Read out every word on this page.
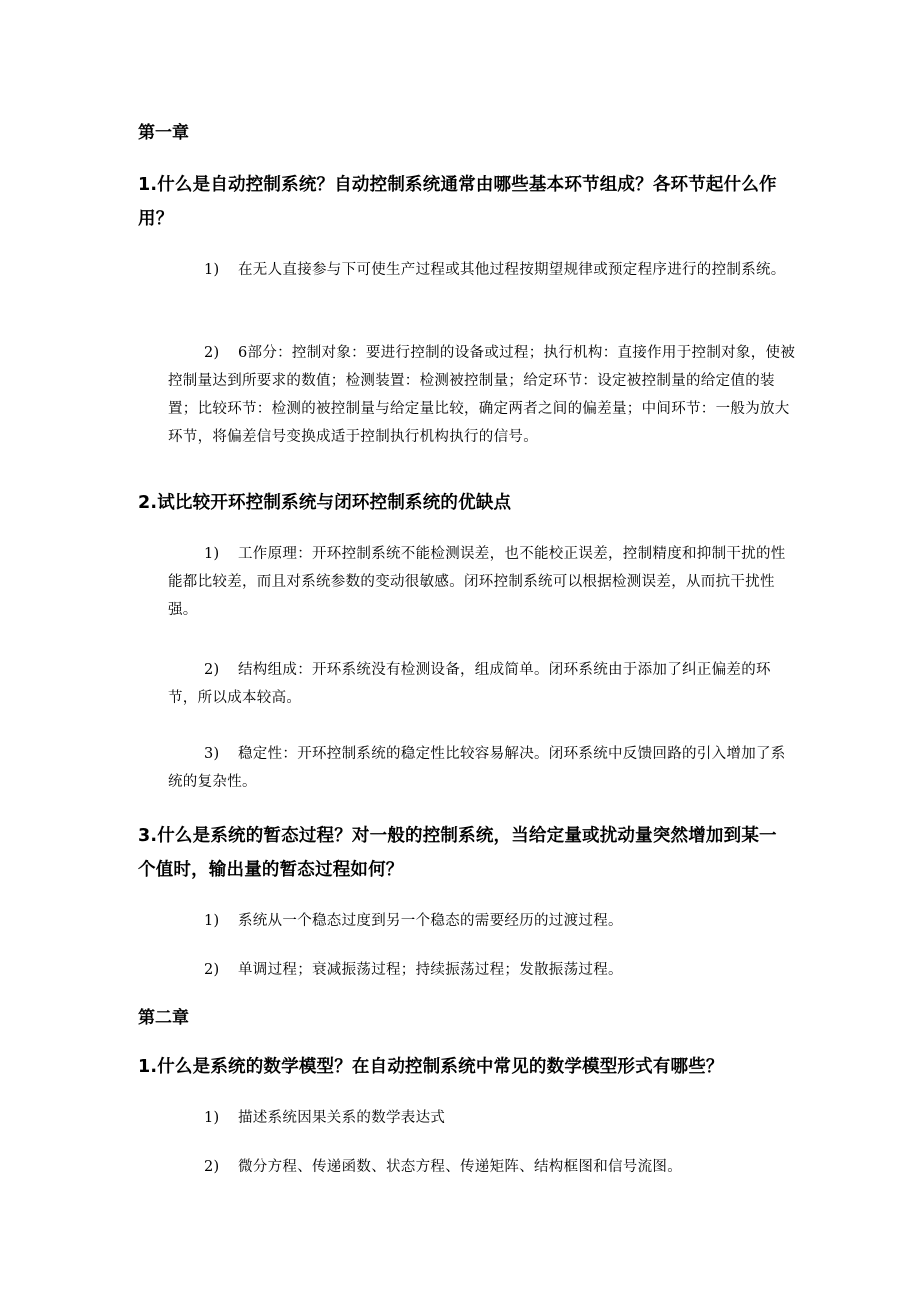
第一章
1.什么是自动控制系统？自动控制系统通常由哪些基本环节组成？各环节起什么作用？
1) 在无人直接参与下可使生产过程或其他过程按期望规律或预定程序进行的控制系统。
2) 6部分：控制对象：要进行控制的设备或过程；执行机构：直接作用于控制对象，使被控制量达到所要求的数值；检测装置：检测被控制量；给定环节：设定被控制量的给定值的装置；比较环节：检测的被控制量与给定量比较，确定两者之间的偏差量；中间环节：一般为放大环节，将偏差信号变换成适于控制执行机构执行的信号。
2.试比较开环控制系统与闭环控制系统的优缺点
1) 工作原理：开环控制系统不能检测误差，也不能校正误差，控制精度和抑制干扰的性能都比较差，而且对系统参数的变动很敏感。闭环控制系统可以根据检测误差，从而抗干扰性强。
2) 结构组成：开环系统没有检测设备，组成简单。闭环系统由于添加了纠正偏差的环节，所以成本较高。
3) 稳定性：开环控制系统的稳定性比较容易解决。闭环系统中反馈回路的引入增加了系统的复杂性。
3.什么是系统的暂态过程？对一般的控制系统，当给定量或扰动量突然增加到某一个值时，输出量的暂态过程如何？
1) 系统从一个稳态过度到另一个稳态的需要经历的过渡过程。
2) 单调过程；衰减振荡过程；持续振荡过程；发散振荡过程。
第二章
1.什么是系统的数学模型？在自动控制系统中常见的数学模型形式有哪些？
1) 描述系统因果关系的数学表达式
2) 微分方程、传递函数、状态方程、传递矩阵、结构框图和信号流图。
